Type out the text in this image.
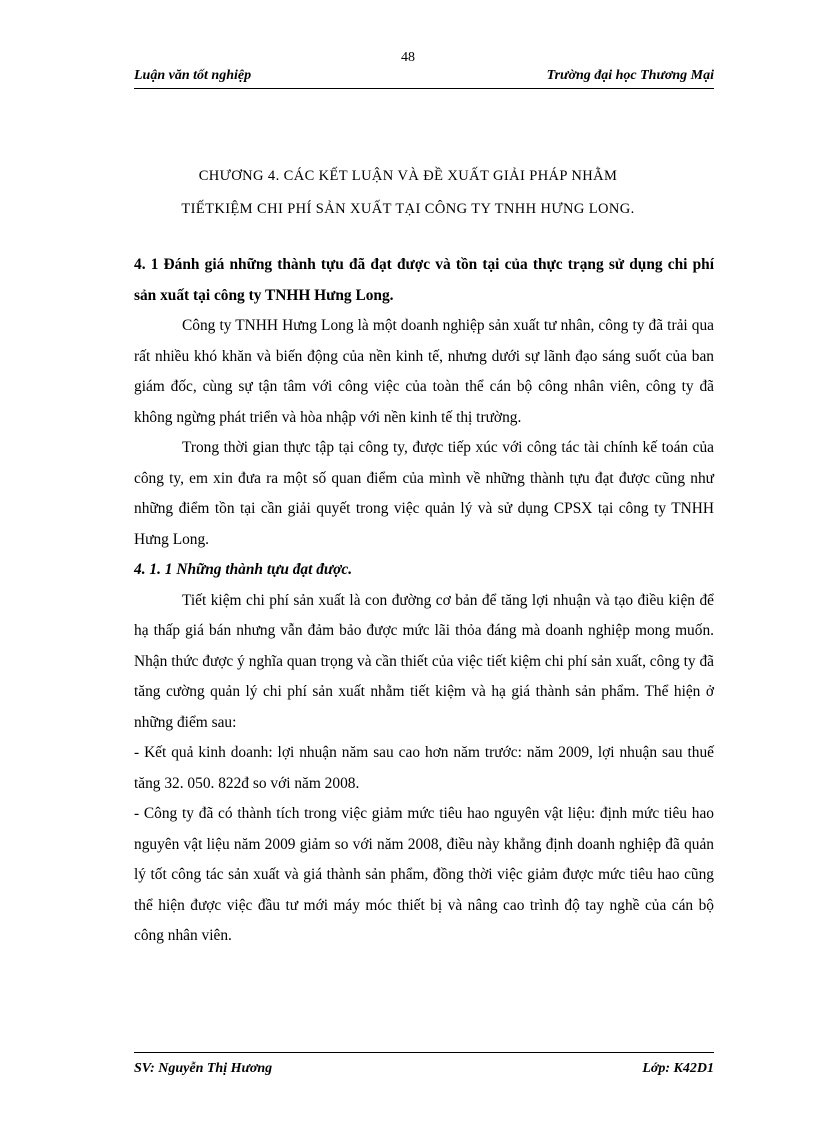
48
Luận văn tốt nghiệp	Trường đại học Thương Mại
CHƯƠNG 4. CÁC KẾT LUẬN VÀ ĐỀ XUẤT GIẢI PHÁP NHẰM
TIẾTKIỆM CHI PHÍ SẢN XUẤT TẠI CÔNG TY TNHH HƯNG LONG.

4. 1 Đánh giá những thành tựu đã đạt được và tồn tại của thực trạng sử dụng chi phí sản xuất tại công ty TNHH Hưng Long.

Công ty TNHH Hưng Long là một doanh nghiệp sản xuất tư nhân, công ty đã trải qua rất nhiều khó khăn và biến động của nền kinh tế, nhưng dưới sự lãnh đạo sáng suốt của ban giám đốc, cùng sự tận tâm với công việc của toàn thể cán bộ công nhân viên, công ty đã không ngừng phát triển và hòa nhập với nền kinh tế thị trường.

Trong thời gian thực tập tại công ty, được tiếp xúc với công tác tài chính kế toán của công ty, em xin đưa ra một số quan điểm của mình về những thành tựu đạt được cũng như những điểm tồn tại cần giải quyết trong việc quản lý và sử dụng CPSX tại công ty TNHH Hưng Long.

4. 1. 1 Những thành tựu đạt được.

Tiết kiệm chi phí sản xuất là con đường cơ bản để tăng lợi nhuận và tạo điều kiện để hạ thấp giá bán nhưng vẫn đảm bảo được mức lãi thỏa đáng mà doanh nghiệp mong muốn. Nhận thức được ý nghĩa quan trọng và cần thiết của việc tiết kiệm chi phí sản xuất, công ty đã tăng cường quản lý chi phí sản xuất nhằm tiết kiệm và hạ giá thành sản phẩm. Thể hiện ở những điểm sau:

- Kết quả kinh doanh: lợi nhuận năm sau cao hơn năm trước: năm 2009, lợi nhuận sau thuế tăng 32. 050. 822đ so với năm 2008.

- Công ty đã có thành tích trong việc giảm mức tiêu hao nguyên vật liệu: định mức tiêu hao nguyên vật liệu năm 2009 giảm so với năm 2008, điều này khẳng định doanh nghiệp đã quản lý tốt công tác sản xuất và giá thành sản phẩm, đồng thời việc giảm được mức tiêu hao cũng thể hiện được việc đầu tư mới máy móc thiết bị và nâng cao trình độ tay nghề của cán bộ công nhân viên.

SV: Nguyễn Thị Hương	Lớp: K42D1
